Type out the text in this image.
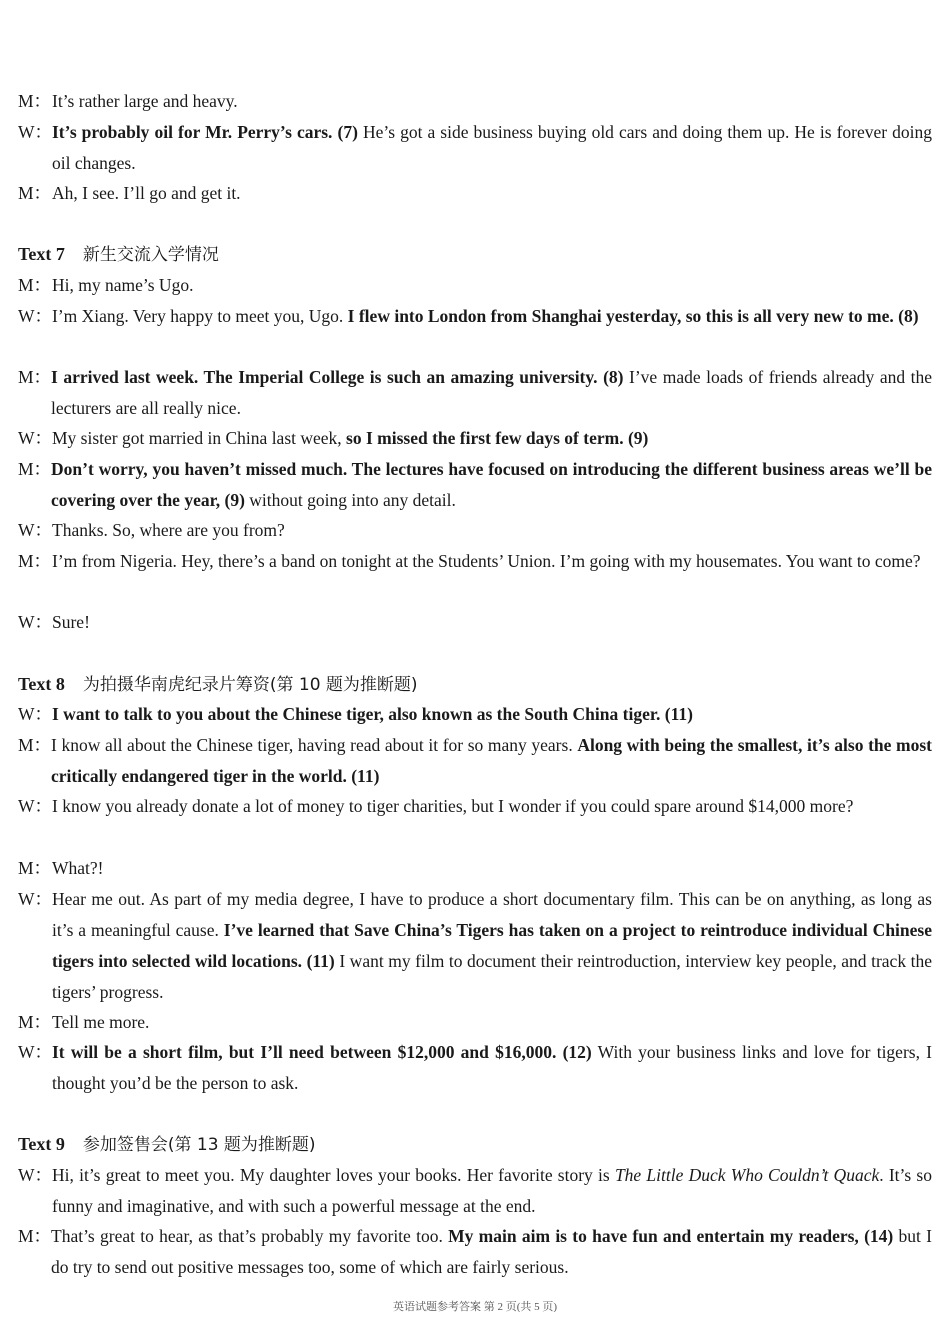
M： It’s rather large and heavy.
W： It’s probably oil for Mr. Perry’s cars. (7) He’s got a side business buying old cars and doing them up. He is forever doing oil changes.
M： Ah, I see. I’ll go and get it.
Text 7 新生交流入学情况
M： Hi, my name’s Ugo.
W： I’m Xiang. Very happy to meet you, Ugo. I flew into London from Shanghai yesterday, so this is all very new to me. (8)
M： I arrived last week. The Imperial College is such an amazing university. (8) I’ve made loads of friends already and the lecturers are all really nice.
W： My sister got married in China last week, so I missed the first few days of term. (9)
M： Don’t worry, you haven’t missed much. The lectures have focused on introducing the different business areas we’ll be covering over the year, (9) without going into any detail.
W： Thanks. So, where are you from?
M： I’m from Nigeria. Hey, there’s a band on tonight at the Students’ Union. I’m going with my housemates. You want to come?
W： Sure!
Text 8 为拍摄华南虎纪录片筹资(第 10 题为推断题)
W： I want to talk to you about the Chinese tiger, also known as the South China tiger. (11)
M： I know all about the Chinese tiger, having read about it for so many years. Along with being the smallest, it’s also the most critically endangered tiger in the world. (11)
W： I know you already donate a lot of money to tiger charities, but I wonder if you could spare around $14,000 more?
M： What?!
W： Hear me out. As part of my media degree, I have to produce a short documentary film. This can be on anything, as long as it’s a meaningful cause. I’ve learned that Save China’s Tigers has taken on a project to reintroduce individual Chinese tigers into selected wild locations. (11) I want my film to document their reintroduction, interview key people, and track the tigers’ progress.
M： Tell me more.
W： It will be a short film, but I’ll need between $12,000 and $16,000. (12) With your business links and love for tigers, I thought you’d be the person to ask.
Text 9 参加签售会(第 13 题为推断题)
W： Hi, it’s great to meet you. My daughter loves your books. Her favorite story is The Little Duck Who Couldn’t Quack. It’s so funny and imaginative, and with such a powerful message at the end.
M： That’s great to hear, as that’s probably my favorite too. My main aim is to have fun and entertain my readers, (14) but I do try to send out positive messages too, some of which are fairly serious.
英语试题参考答案 第 2 页(共 5 页)
